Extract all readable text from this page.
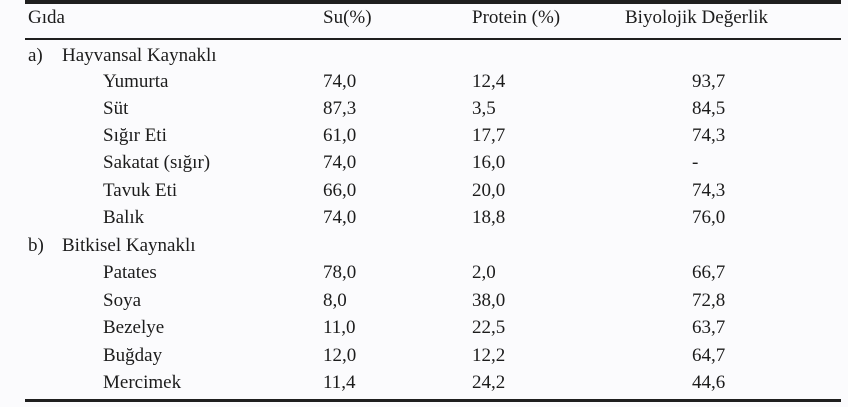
Gıda	Su(%)	Protein (%)	Biyolojik Değerlik
a) Hayvansal Kaynaklı
Yumurta	74,0	12,4	93,7
Süt	87,3	3,5	84,5
Sığır Eti	61,0	17,7	74,3
Sakatat (sığır)	74,0	16,0	-
Tavuk Eti	66,0	20,0	74,3
Balık	74,0	18,8	76,0
b) Bitkisel Kaynaklı
Patates	78,0	2,0	66,7
Soya	8,0	38,0	72,8
Bezelye	11,0	22,5	63,7
Buğday	12,0	12,2	64,7
Mercimek	11,4	24,2	44,6
